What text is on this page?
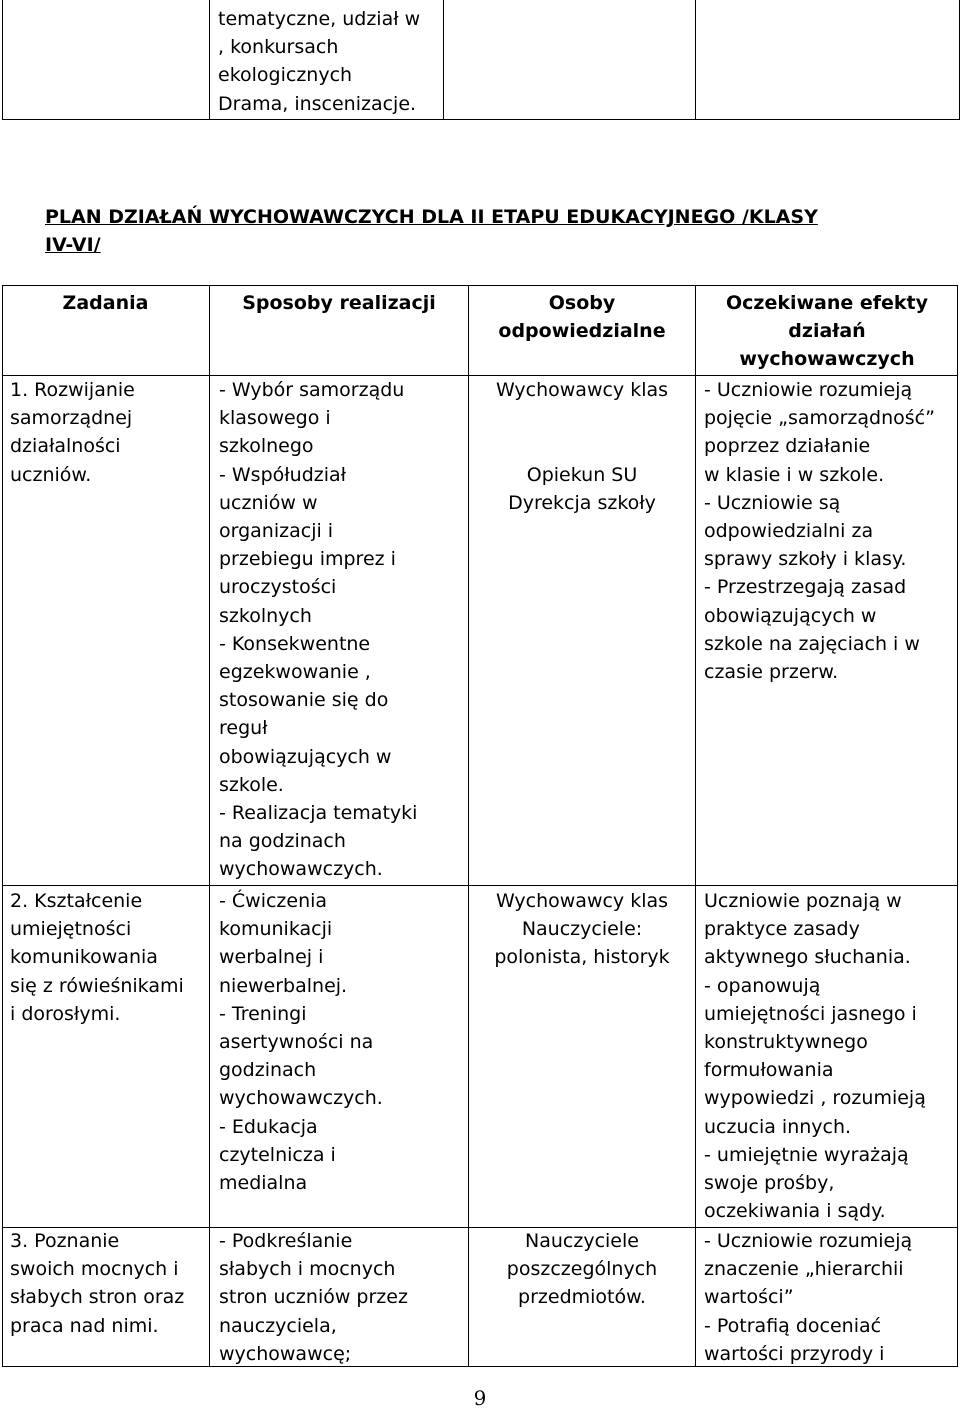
tematyczne, udział w
, konkursach
ekologicznych
Drama, inscenizacje.
PLAN DZIAŁAŃ WYCHOWAWCZYCH DLA II ETAPU EDUKACYJNEGO /KLASY
IV-VI/
Zadania	Sposoby realizacji	Osoby
odpowiedzialne
Oczekiwane efekty
działań
wychowawczych
1. Rozwijanie
samorządnej
działalności
uczniów.
- Wybór samorządu
klasowego i
szkolnego
- Współudział
uczniów w
organizacji i
przebiegu imprez i
uroczystości
szkolnych
- Konsekwentne
egzekwowanie ,
stosowanie się do
reguł
obowiązujących w
szkole.
- Realizacja tematyki
na godzinach
wychowawczych.
Wychowawcy klas

Opiekun SU
Dyrekcja szkoły
- Uczniowie rozumieją
pojęcie „samorządność”
poprzez działanie
w klasie i w szkole.
- Uczniowie są
odpowiedzialni za
sprawy szkoły i klasy.
- Przestrzegają zasad
obowiązujących w
szkole na zajęciach i w
czasie przerw.
2. Kształcenie
umiejętności
komunikowania
się z rówieśnikami
i dorosłymi.
- Ćwiczenia
komunikacji
werbalnej i
niewerbalnej.
- Treningi
asertywności na
godzinach
wychowawczych.
- Edukacja
czytelnicza i
medialna
Wychowawcy klas
Nauczyciele:
polonista, historyk
Uczniowie poznają w
praktyce zasady
aktywnego słuchania.
- opanowują
umiejętności jasnego i
konstruktywnego
formułowania
wypowiedzi , rozumieją
uczucia innych.
- umiejętnie wyrażają
swoje prośby,
oczekiwania i sądy.
3. Poznanie
swoich mocnych i
słabych stron oraz
praca nad nimi.
- Podkreślanie
słabych i mocnych
stron uczniów przez
nauczyciela,
wychowawcę;
Nauczyciele
poszczególnych
przedmiotów.
- Uczniowie rozumieją
znaczenie „hierarchii
wartości”
- Potrafią doceniać
wartości przyrody i
9
